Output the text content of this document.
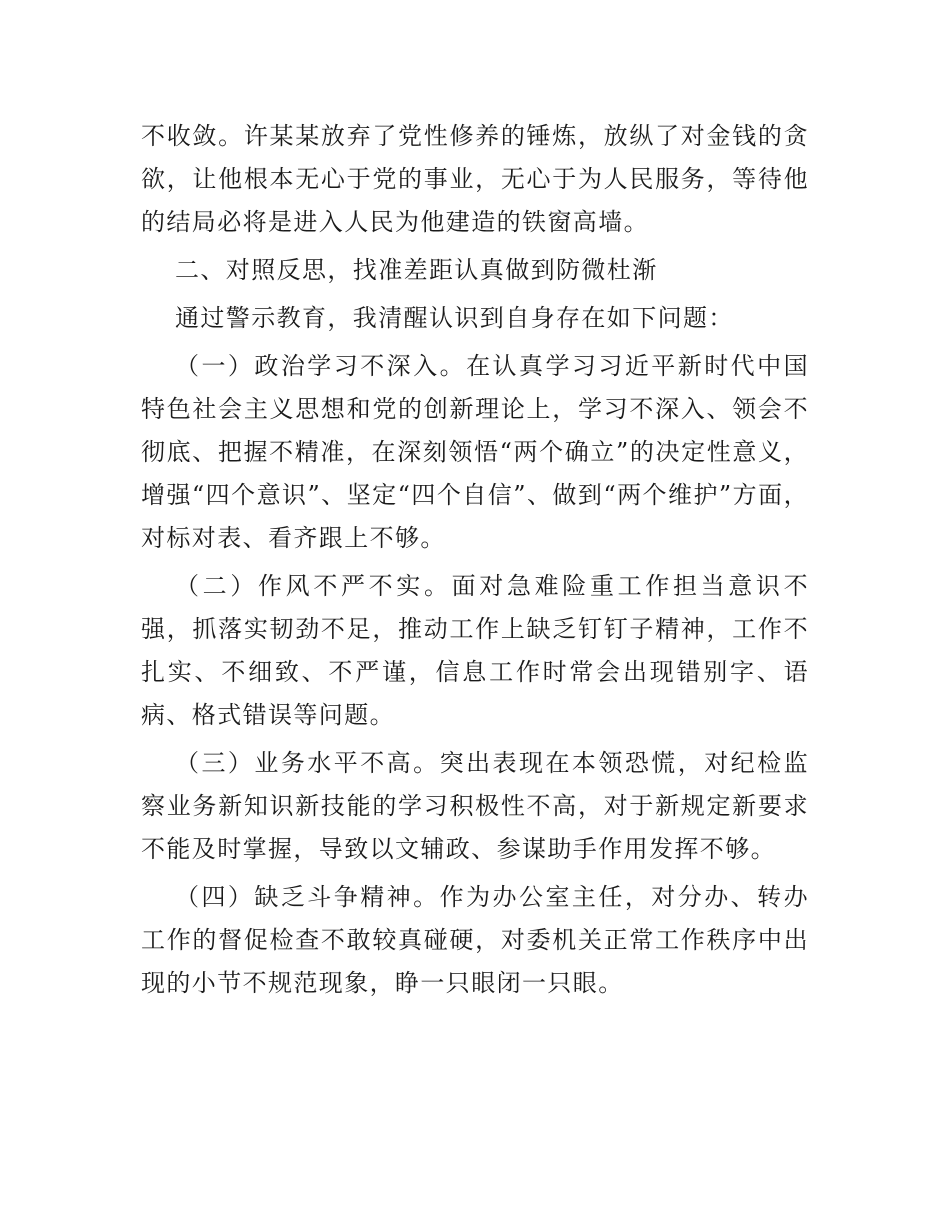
不收敛。许某某放弃了党性修养的锤炼，放纵了对金钱的贪欲，让他根本无心于党的事业，无心于为人民服务，等待他的结局必将是进入人民为他建造的铁窗高墙。

二、对照反思，找准差距认真做到防微杜渐

通过警示教育，我清醒认识到自身存在如下问题：

（一）政治学习不深入。在认真学习习近平新时代中国特色社会主义思想和党的创新理论上，学习不深入、领会不彻底、把握不精准，在深刻领悟“两个确立”的决定性意义，增强“四个意识”、坚定“四个自信”、做到“两个维护”方面，对标对表、看齐跟上不够。

（二）作风不严不实。面对急难险重工作担当意识不强，抓落实韧劲不足，推动工作上缺乏钉钉子精神，工作不扎实、不细致、不严谨，信息工作时常会出现错别字、语病、格式错误等问题。

（三）业务水平不高。突出表现在本领恐慌，对纪检监察业务新知识新技能的学习积极性不高，对于新规定新要求不能及时掌握，导致以文辅政、参谋助手作用发挥不够。

（四）缺乏斗争精神。作为办公室主任，对分办、转办工作的督促检查不敢较真碰硬，对委机关正常工作秩序中出现的小节不规范现象，睁一只眼闭一只眼。
